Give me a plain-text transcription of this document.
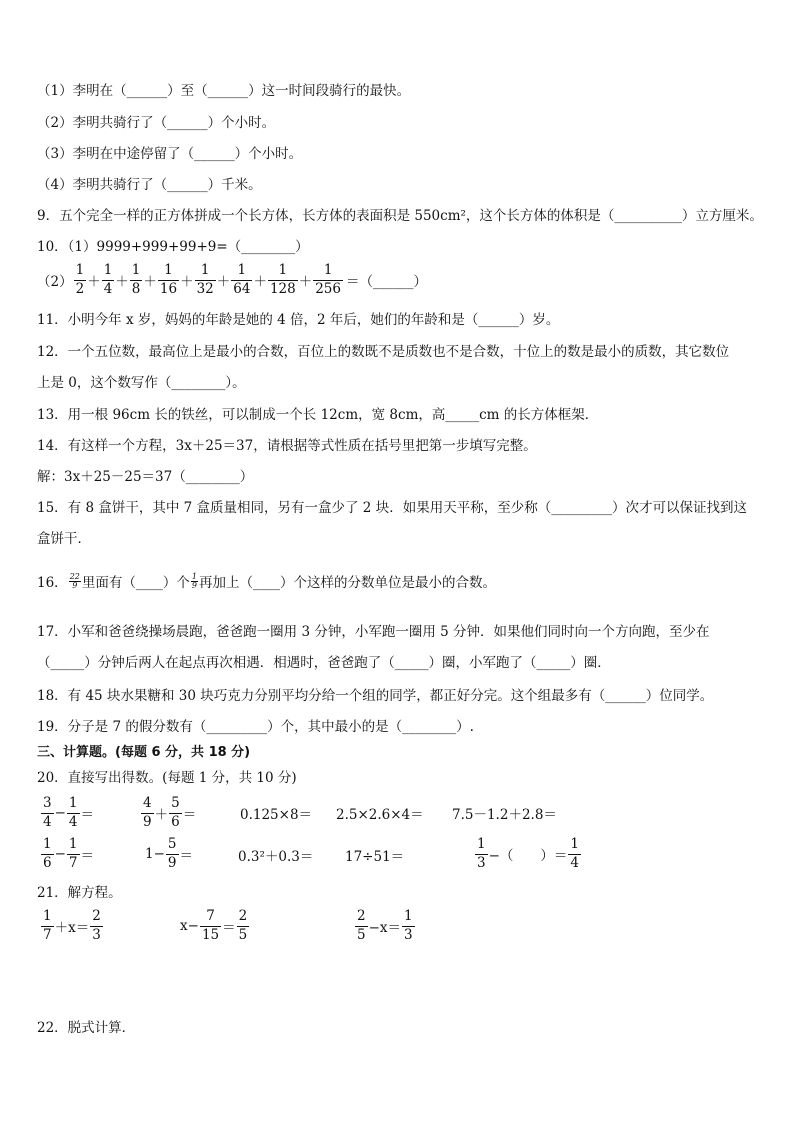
（1）李明在（______）至（______）这一时间段骑行的最快。
（2）李明共骑行了（______）个小时。
（3）李明在中途停留了（______）个小时。
（4）李明共骑行了（______）千米。
9．五个完全一样的正方体拼成一个长方体，长方体的表面积是 550cm²，这个长方体的体积是（__________）立方厘米。
10．（1）9999+999+99+9=（________）
$(2) \frac{1}{2} + \frac{1}{4} + \frac{1}{8} + \frac{1}{16} + \frac{1}{32} + \frac{1}{64} + \frac{1}{128} + \frac{1}{256}$ ＝（______）
11．小明今年 x 岁，妈妈的年龄是她的 4 倍，2 年后，她们的年龄和是（______）岁。
12．一个五位数，最高位上是最小的合数，百位上的数既不是质数也不是合数，十位上的数是最小的质数，其它数位
上是 0，这个数写作（________）。
13．用一根 96cm 长的铁丝，可以制成一个长 12cm，宽 8cm，高_____cm 的长方体框架．
14．有这样一个方程，3x＋25＝37，请根据等式性质在括号里把第一步填写完整。
解：3x＋25－25＝37（________）
15．有 8 盒饼干，其中 7 盒质量相同，另有一盒少了 2 块．如果用天平称，至少称（_________）次才可以保证找到这
盒饼干．
16． 22
9 里面有（____）个 1
9 再加上（____）个这样的分数单位是最小的合数。
17．小军和爸爸绕操场晨跑，爸爸跑一圈用 3 分钟，小军跑一圈用 5 分钟．如果他们同时向一个方向跑，至少在
（_____）分钟后两人在起点再次相遇．相遇时，爸爸跑了（_____）圈，小军跑了（_____）圈．
18．有 45 块水果糖和 30 块巧克力分别平均分给一个组的同学，都正好分完。这个组最多有（______）位同学。
19．分子是 7 的假分数有（_________）个，其中最小的是（________）.
三、计算题。(每题 6 分，共 18 分)
20．直接写出得数。(每题 1 分，共 10 分)
$\frac{3}{4} - \frac{1}{4}$ ＝	$\frac{4}{9} + \frac{5}{6}$ ＝	0.125×8＝ 2.5×2.6×4＝ 7.5－1.2＋2.8＝
$\frac{1}{6} - \frac{1}{7}$ ＝	$1- \frac{5}{9}$ ＝	0.3²＋0.3＝ 17÷51＝	$\frac{1}{3}$ −（　　）＝ $\frac{1}{4}$
21．解方程。
$\frac{1}{7} +x= \frac{2}{3}$	$x- \frac{7}{15} = \frac{2}{5}$	$\frac{2}{5} -x= \frac{1}{3}$
22．脱式计算．
